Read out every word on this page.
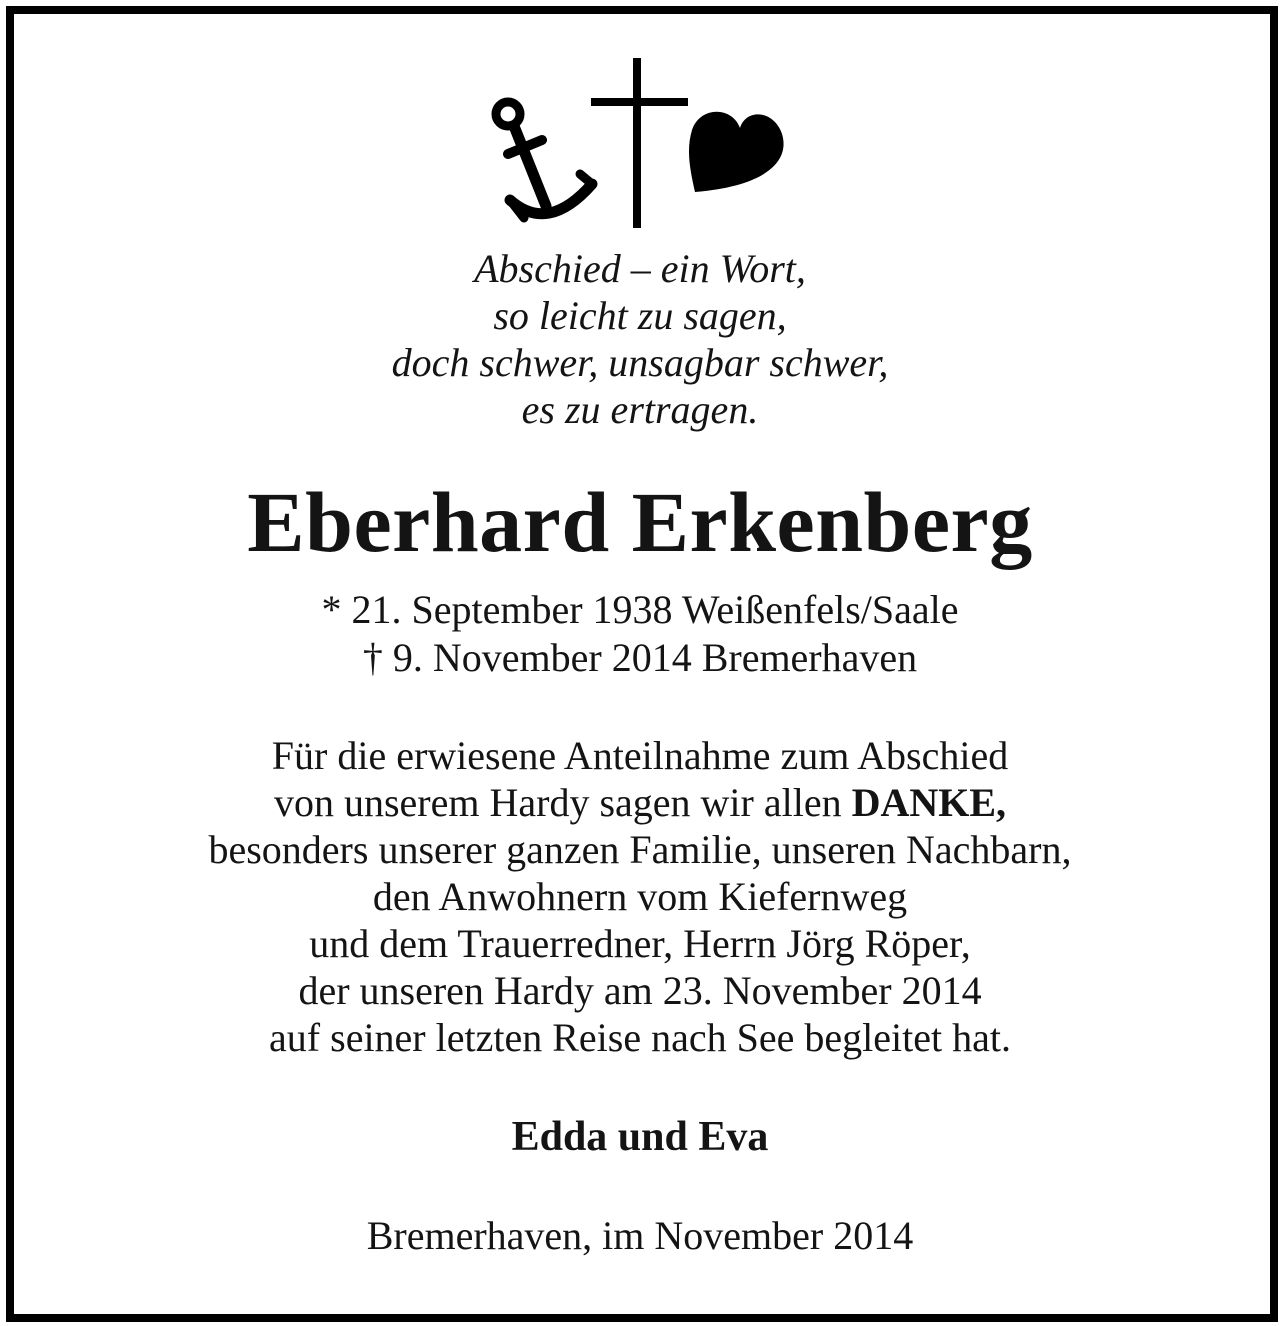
Abschied – ein Wort,
so leicht zu sagen,
doch schwer, unsagbar schwer,
es zu ertragen.
Eberhard Erkenberg
* 21. September 1938 Weißenfels/Saale
† 9. November 2014 Bremerhaven
Für die erwiesene Anteilnahme zum Abschied
von unserem Hardy sagen wir allen DANKE,
besonders unserer ganzen Familie, unseren Nachbarn,
den Anwohnern vom Kiefernweg
und dem Trauerredner, Herrn Jörg Röper,
der unseren Hardy am 23. November 2014
auf seiner letzten Reise nach See begleitet hat.
Edda und Eva
Bremerhaven, im November 2014
